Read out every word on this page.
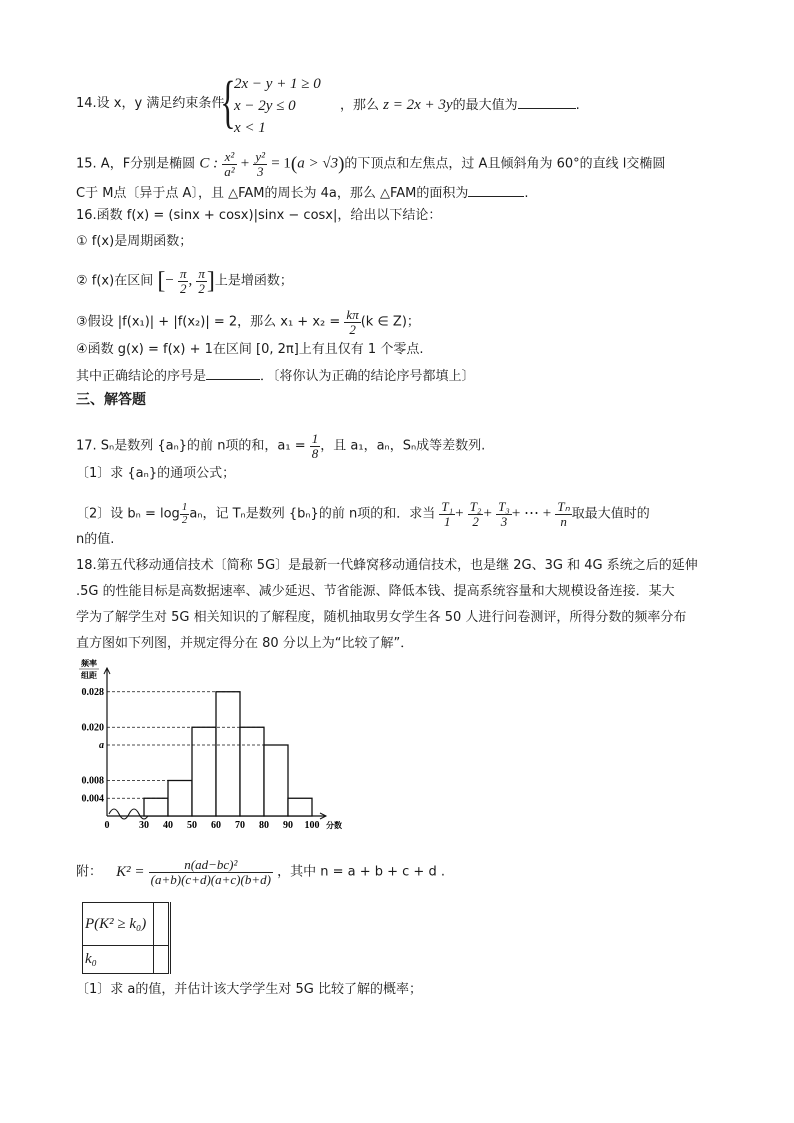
14.设 x，y 满足约束条件
{
2x − y + 1 ≥ 0
x − 2y ≤ 0
x < 1
，那么 z = 2x + 3y的最大值为	.
15. A，F分别是椭圆 C : $\frac{\text{x²}}{\text{a²}} + \frac{\text{y²}}{3} = 1(a > √3)$的下顶点和左焦点，过 A且倾斜角为 60°的直线 l交椭圆
C于 M点〔异于点 A〕，且 △FAM的周长为 4a，那么 △FAM的面积为	.
16.函数 f(x) = (sinx + cosx)|sinx − cosx|，给出以下结论：
① f(x)是周期函数；
② f(x)在区间 [− $\frac{\pi}{2}$ , $\frac{\pi}{2}$ ]上是增函数；
③假设 |f(x₁)| + |f(x₂)| = 2，那么 $x_1 + x_2 = \frac{k\pi}{2} (k$ ∈ Z)；
④函数 g(x) = f(x) + 1在区间 [0, 2π]上有且仅有 1 个零点.
其中正确结论的序号是	．〔将你认为正确的结论序号都填上〕
三、解答题
17. Sₙ是数列 {aₙ}的前 n项的和，$a_1 = \frac{1}{8}$ ，且 a₁，aₙ，Sₙ成等差数列.
〔1〕求 {aₙ}的通项公式；
〔2〕设 $b_n = \log \frac{1}{2}$ aₙ，记 Tₙ是数列 {bₙ}的前 n项的和．求当 $\frac{\text{T₁}}{1} + \frac{\text{T₂}}{2} + \frac{\text{T₃}}{3}$ + ⋯ + $\frac{\text{Tₙ}}{n}$ 取最大值时的
n的值.
18.第五代移动通信技术〔简称 5G〕是最新一代蜂窝移动通信技术，也是继 2G、3G 和 4G 系统之后的延伸
.5G 的性能目标是高数据速率、减少延迟、节省能源、降低本钱、提高系统容量和大规模设备连接．某大
学为了解学生对 5G 相关知识的了解程度，随机抽取男女学生各 50 人进行问卷测评，所得分数的频率分布
直方图如下列图，并规定得分在 80 分以上为“比较了解”．
频率
组距
0.028
0.020
a
0.008
0.004
0	30 40 50 60 70 80 90 100 分数
附： $K^2 = \frac{\text{n(ad−bc)²}}{(a+b)(c+d)(a+c)(b+d)}$ ，其中 n = a + b + c + d .
P(K² ≥ k₀)	
k₀	
〔1〕求 a的值，并估计该大学学生对 5G 比较了解的概率；
